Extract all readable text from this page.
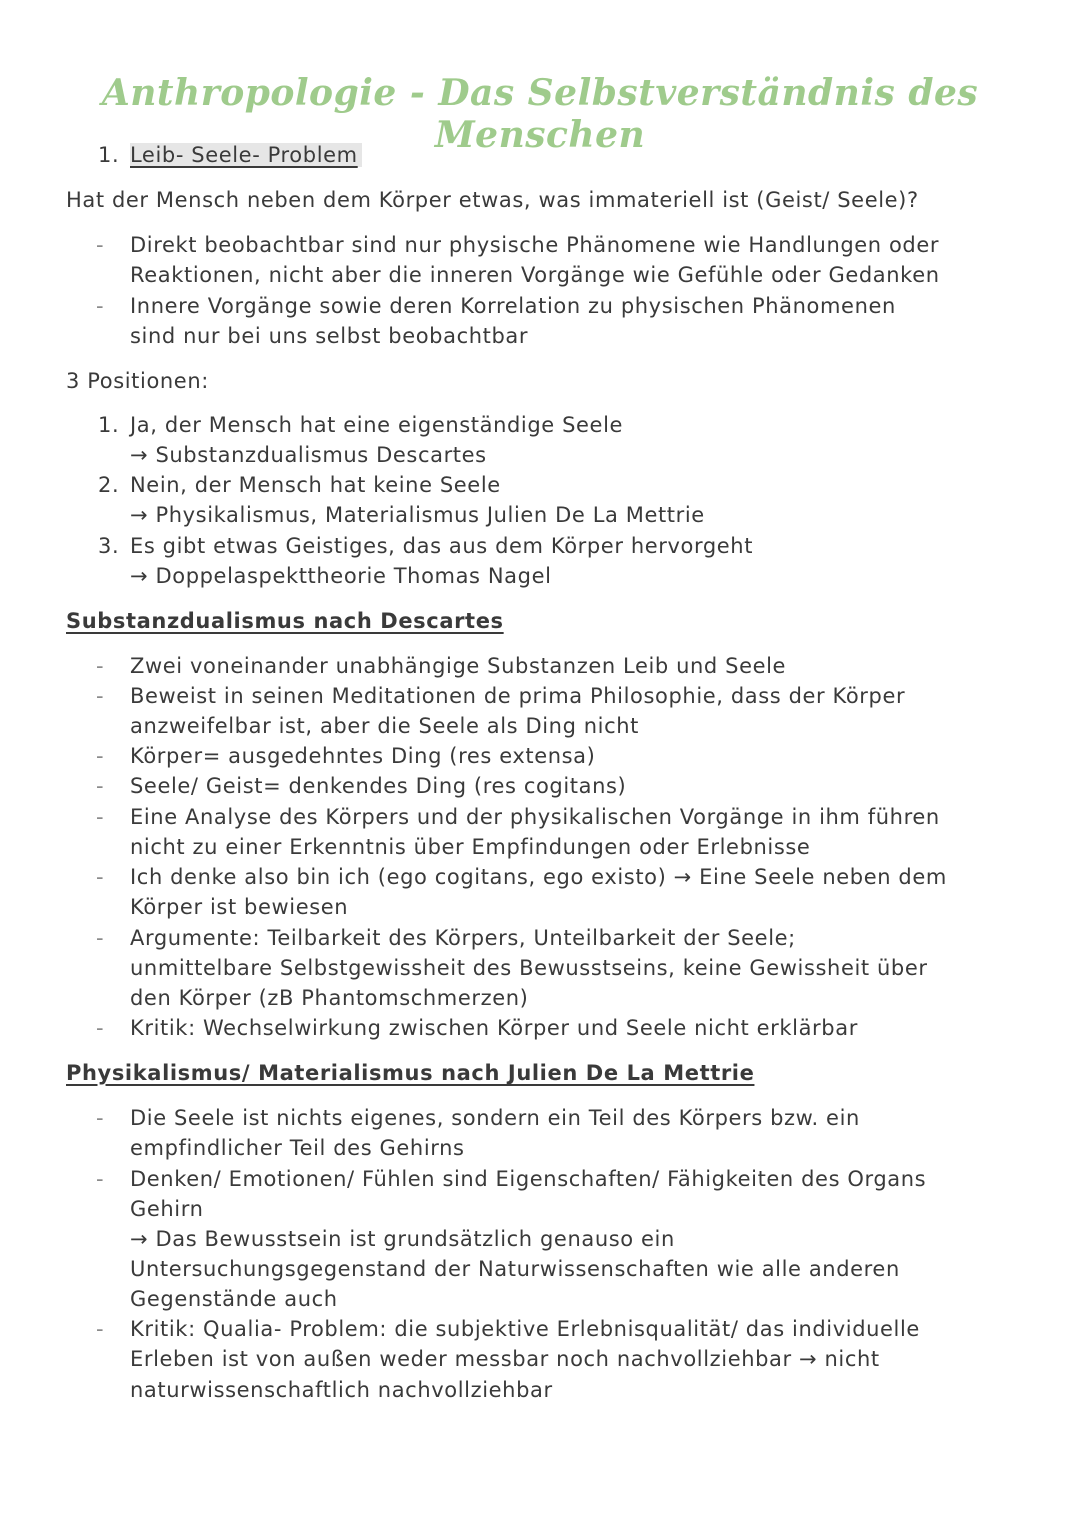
Anthropologie - Das Selbstverständnis des Menschen
1. Leib- Seele- Problem
Hat der Mensch neben dem Körper etwas, was immateriell ist (Geist/ Seele)?
- Direkt beobachtbar sind nur physische Phänomene wie Handlungen oder
Reaktionen, nicht aber die inneren Vorgänge wie Gefühle oder Gedanken
- Innere Vorgänge sowie deren Korrelation zu physischen Phänomenen
sind nur bei uns selbst beobachtbar
3 Positionen:
1. Ja, der Mensch hat eine eigenständige Seele
→ Substanzdualismus Descartes
2. Nein, der Mensch hat keine Seele
→ Physikalismus, Materialismus Julien De La Mettrie
3. Es gibt etwas Geistiges, das aus dem Körper hervorgeht
→ Doppelaspekttheorie Thomas Nagel
Substanzdualismus nach Descartes
- Zwei voneinander unabhängige Substanzen Leib und Seele
- Beweist in seinen Meditationen de prima Philosophie, dass der Körper
anzweifelbar ist, aber die Seele als Ding nicht
- Körper= ausgedehntes Ding (res extensa)
- Seele/ Geist= denkendes Ding (res cogitans)
- Eine Analyse des Körpers und der physikalischen Vorgänge in ihm führen
nicht zu einer Erkenntnis über Empfindungen oder Erlebnisse
- Ich denke also bin ich (ego cogitans, ego existo) → Eine Seele neben dem
Körper ist bewiesen
- Argumente: Teilbarkeit des Körpers, Unteilbarkeit der Seele;
unmittelbare Selbstgewissheit des Bewusstseins, keine Gewissheit über
den Körper (zB Phantomschmerzen)
- Kritik: Wechselwirkung zwischen Körper und Seele nicht erklärbar
Physikalismus/ Materialismus nach Julien De La Mettrie
- Die Seele ist nichts eigenes, sondern ein Teil des Körpers bzw. ein
empfindlicher Teil des Gehirns
- Denken/ Emotionen/ Fühlen sind Eigenschaften/ Fähigkeiten des Organs
Gehirn
→ Das Bewusstsein ist grundsätzlich genauso ein
Untersuchungsgegenstand der Naturwissenschaften wie alle anderen
Gegenstände auch
- Kritik: Qualia- Problem: die subjektive Erlebnisqualität/ das individuelle
Erleben ist von außen weder messbar noch nachvollziehbar → nicht
naturwissenschaftlich nachvollziehbar
